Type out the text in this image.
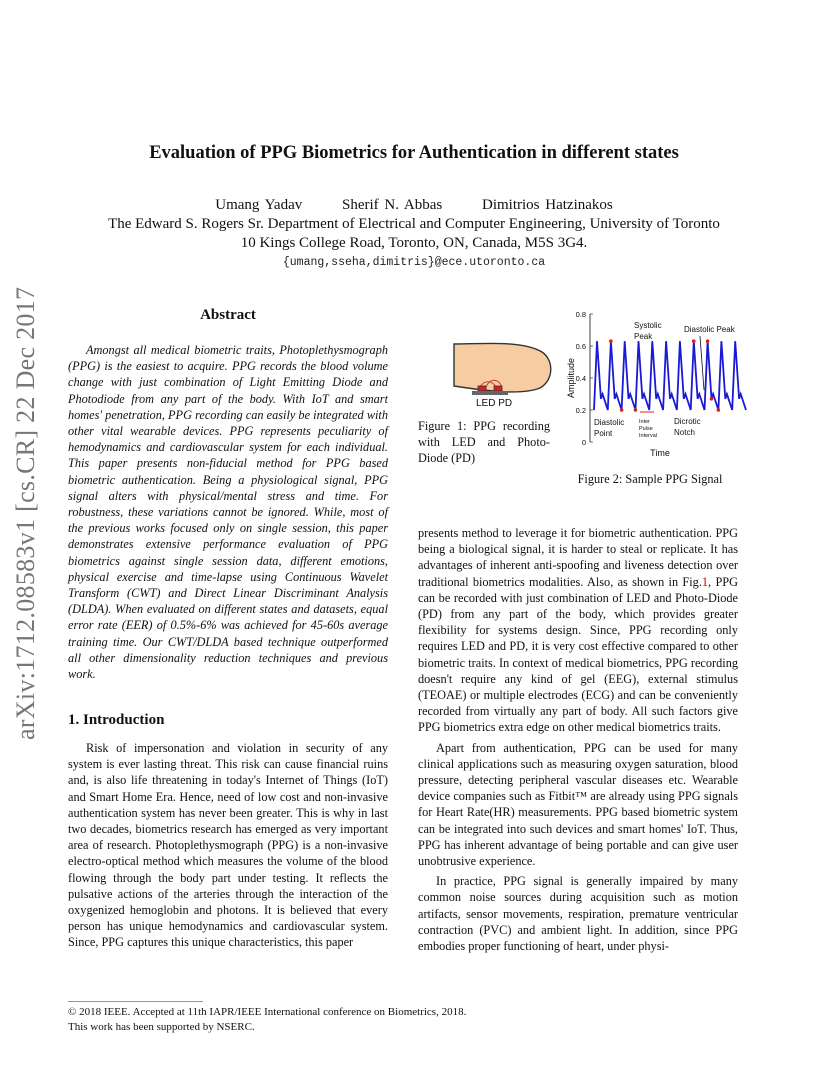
arXiv:1712.08583v1 [cs.CR] 22 Dec 2017
Evaluation of PPG Biometrics for Authentication in different states
Umang Yadav	Sherif N. Abbas	Dimitrios Hatzinakos
The Edward S. Rogers Sr. Department of Electrical and Computer Engineering, University of Toronto
10 Kings College Road, Toronto, ON, Canada, M5S 3G4.
{umang,sseha,dimitris}@ece.utoronto.ca
Abstract

Amongst all medical biometric traits, Photoplethysmograph (PPG) is the easiest to acquire. PPG records the blood volume change with just combination of Light Emitting Diode and Photodiode from any part of the body. With IoT and smart homes' penetration, PPG recording can easily be integrated with other vital wearable devices. PPG represents peculiarity of hemodynamics and cardiovascular system for each individual. This paper presents non-fiducial method for PPG based biometric authentication. Being a physiological signal, PPG signal alters with physical/mental stress and time. For robustness, these variations cannot be ignored. While, most of the previous works focused only on single session, this paper demonstrates extensive performance evaluation of PPG biometrics against single session data, different emotions, physical exercise and time-lapse using Continuous Wavelet Transform (CWT) and Direct Linear Discriminant Analysis (DLDA). When evaluated on different states and datasets, equal error rate (EER) of 0.5%-6% was achieved for 45-60s average training time. Our CWT/DLDA based technique outperformed all other dimensionality reduction techniques and previous work.

1. Introduction

Risk of impersonation and violation in security of any system is ever lasting threat. This risk can cause financial ruins and, is also life threatening in today's Internet of Things (IoT) and Smart Home Era. Hence, need of low cost and non-invasive authentication system has never been greater. This is why in last two decades, biometrics research has emerged as very important area of research. Photoplethysmograph (PPG) is a non-invasive electro-optical method which measures the volume of the blood flowing through the body part under testing. It reflects the pulsative actions of the arteries through the interaction of the oxygenized hemoglobin and photons. It is believed that every person has unique hemodynamics and cardiovascular system. Since, PPG captures this unique characteristics, this paper

LED PD
Figure 1: PPG recording with LED and Photo-Diode (PD)
0
0.2
0.4
0.6
0.8
Amplitude
Time
Systolic
Peak
Diastolic Peak
Diastolic
Point
Inter
Pulse
Interval
Dicrotic
Notch
Figure 2: Sample PPG Signal

presents method to leverage it for biometric authentication. PPG being a biological signal, it is harder to steal or replicate. It has advantages of inherent anti-spoofing and liveness detection over traditional biometrics modalities. Also, as shown in Fig.1, PPG can be recorded with just combination of LED and Photo-Diode (PD) from any part of the body, which provides greater flexibility for systems design. Since, PPG recording only requires LED and PD, it is very cost effective compared to other biometric traits. In context of medical biometrics, PPG recording doesn't require any kind of gel (EEG), external stimulus (TEOAE) or multiple electrodes (ECG) and can be conveniently recorded from virtually any part of body. All such factors give PPG biometrics extra edge on other medical biometrics traits.

Apart from authentication, PPG can be used for many clinical applications such as measuring oxygen saturation, blood pressure, detecting peripheral vascular diseases etc. Wearable device companies such as Fitbit™ are already using PPG signals for Heart Rate(HR) measurements. PPG based biometric system can be integrated into such devices and smart homes' IoT. Thus, PPG has inherent advantage of being portable and can give user unobtrusive experience.

In practice, PPG signal is generally impaired by many common noise sources during acquisition such as motion artifacts, sensor movements, respiration, premature ventricular contraction (PVC) and ambient light. In addition, since PPG embodies proper functioning of heart, under physi-

© 2018 IEEE. Accepted at 11th IAPR/IEEE International conference on Biometrics, 2018.
This work has been supported by NSERC.
